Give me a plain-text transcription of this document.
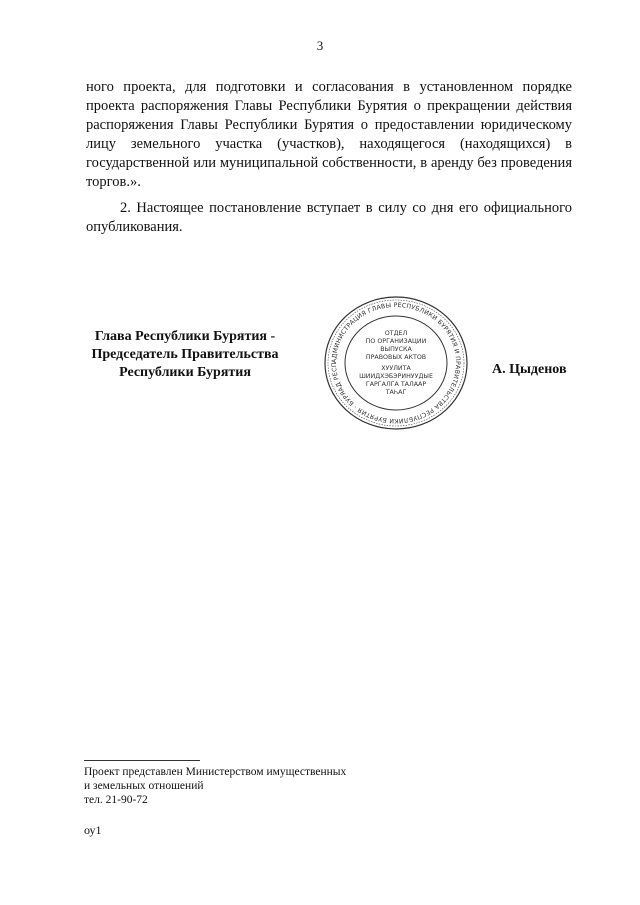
3
ного проекта, для подготовки и согласования в установленном порядке проекта распоряжения Главы Республики Бурятия о прекращении действия распоряжения Главы Республики Бурятия о предоставлении юридическому лицу земельного участка (участков), находящегося (находящихся) в государственной или муниципальной собственности, в аренду без проведения торгов.».
2. Настоящее постановление вступает в силу со дня его официального опубликования.
Глава Республики Бурятия -
Председатель Правительства
Республики Бурятия
АДМИНИСТРАЦИЯ ГЛАВЫ РЕСПУБЛИКИ БУРЯТИЯ И ПРАВИТЕЛЬСТВА РЕСПУБЛИКИ БУРЯТИЯ · БУРЯАД РЕСП
ОТДЕЛ
ПО ОРГАНИЗАЦИИ
ВЫПУСКА
ПРАВОВЫХ АКТОВ
ХУУЛИТА
ШИИДХЭБЭРИНУУДЫЕ
ГАРГАЛГА ТАЛААР
ТАҺАГ
А. Цыденов
Проект представлен Министерством имущественных
и земельных отношений
тел. 21-90-72
оу1
